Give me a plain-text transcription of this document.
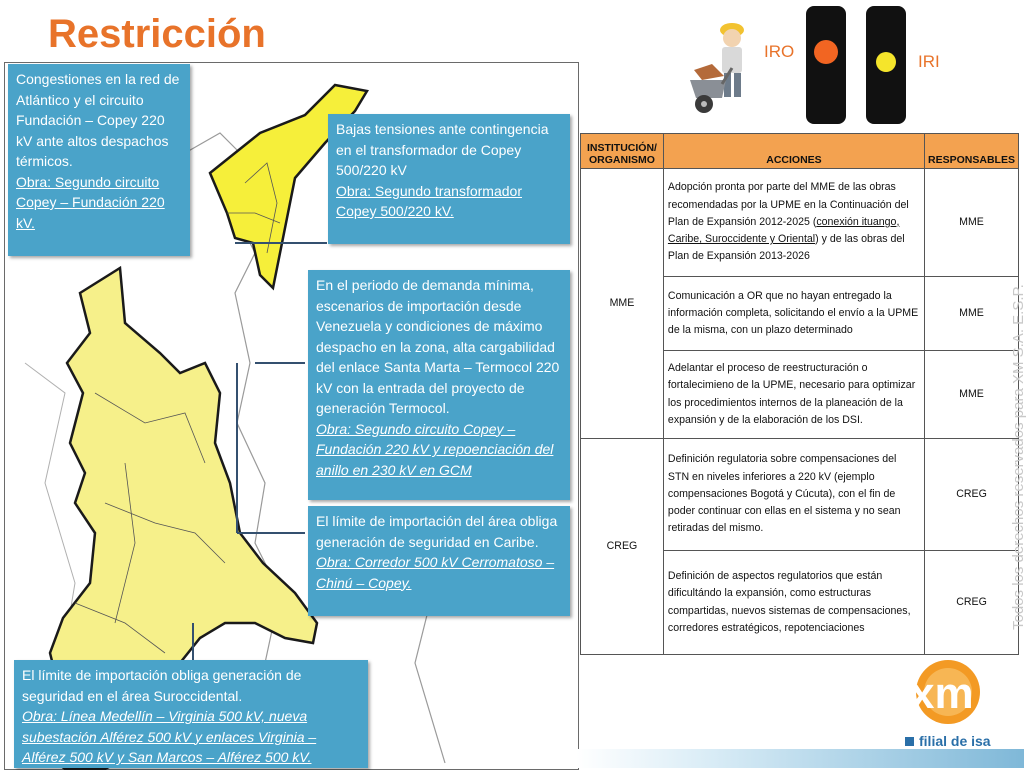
Restricción
Congestiones en la red de Atlántico y el circuito Fundación – Copey 220 kV ante altos despachos térmicos.
Obra: Segundo circuito Copey – Fundación 220 kV.
Bajas tensiones ante contingencia en el transformador de Copey 500/220 kV
Obra: Segundo transformador Copey 500/220 kV.
En el periodo de demanda mínima, escenarios de importación desde Venezuela y condiciones de máximo despacho en la zona, alta cargabilidad del enlace Santa Marta – Termocol 220 kV con la entrada del proyecto de generación Termocol.
Obra: Segundo circuito Copey – Fundación 220 kV y repoenciación del anillo en 230 kV en GCM
El límite de importación del área obliga generación de seguridad en Caribe.
Obra: Corredor 500 kV Cerromatoso – Chinú – Copey.
El límite de importación obliga generación de seguridad en el área Suroccidental.
Obra: Línea Medellín – Virginia 500 kV, nueva subestación Alférez 500 kV y enlaces Virginia – Alférez 500 kV y San Marcos – Alférez 500 kV.
IRO
IRI
INSTITUCIÓN/ ORGANISMO	ACCIONES	RESPONSABLES
MME	Adopción pronta por parte del MME de las obras recomendadas por la UPME en la Continuación del Plan de Expansión 2012-2025 (conexión ituango, Caribe, Suroccidente y Oriental) y de las obras del Plan de Expansión 2013-2026	MME
	Comunicación a OR que no hayan entregado la información completa, solicitando el envío a la UPME de la misma, con un plazo determinado	MME
	Adelantar el proceso de reestructuración o fortalecimieno de la UPME, necesario para optimizar los procedimientos internos de la planeación de la expansión y de la elaboración de los DSI.	MME
CREG	Definición regulatoria sobre compensaciones del STN en niveles inferiores a 220 kV (ejemplo compensaciones Bogotá y Cúcuta), con el fin de poder continuar con ellas en el sistema y no sean retiradas del mismo.	CREG
	Definición de aspectos regulatorios que están dificultándo la expansión, como estructuras compartidas, nuevos sistemas de compensaciones, corredores estratégicos, repotenciaciones	CREG Todos los derechos reservados para XM S.A. E.S.P.
xm
filial de isa
